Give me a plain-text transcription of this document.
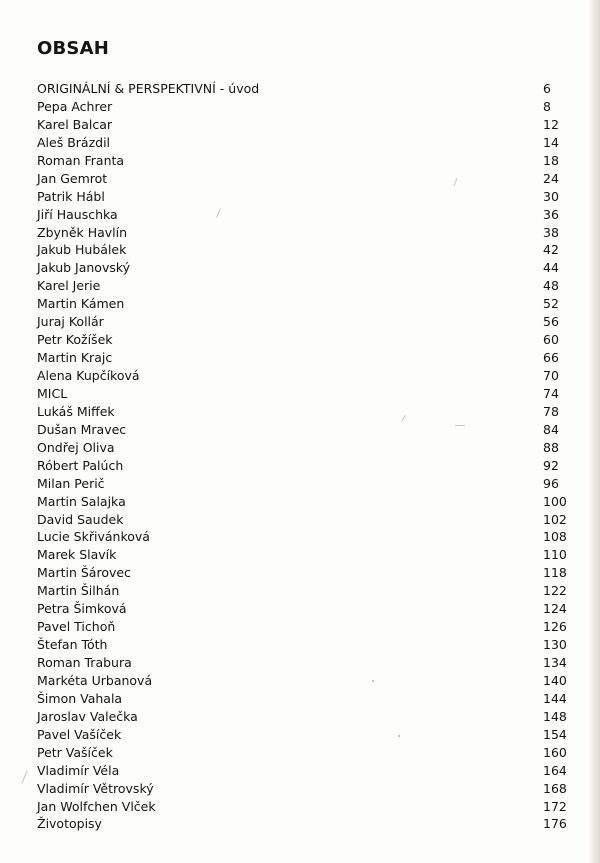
OBSAH
ORIGINÁLNÍ & PERSPEKTIVNÍ - úvod	6
Pepa Achrer	8
Karel Balcar	12
Aleš Brázdil	14
Roman Franta	18
Jan Gemrot	24
Patrik Hábl	30
Jiří Hauschka	36
Zbyněk Havlín	38
Jakub Hubálek	42
Jakub Janovský	44
Karel Jerie	48
Martin Kámen	52
Juraj Kollár	56
Petr Kožíšek	60
Martin Krajc	66
Alena Kupčíková	70
MICL	74
Lukáš Miffek	78
Dušan Mravec	84
Ondřej Oliva	88
Róbert Palúch	92
Milan Perič	96
Martin Salajka	100
David Saudek	102
Lucie Skřivánková	108
Marek Slavík	110
Martin Šárovec	118
Martin Šilhán	122
Petra Šimková	124
Pavel Tichoň	126
Štefan Tóth	130
Roman Trabura	134
Markéta Urbanová	140
Šimon Vahala	144
Jaroslav Valečka	148
Pavel Vašíček	154
Petr Vašíček	160
Vladimír Véla	164
Vladimír Větrovský	168
Jan Wolfchen Vlček	172
Životopisy	176
